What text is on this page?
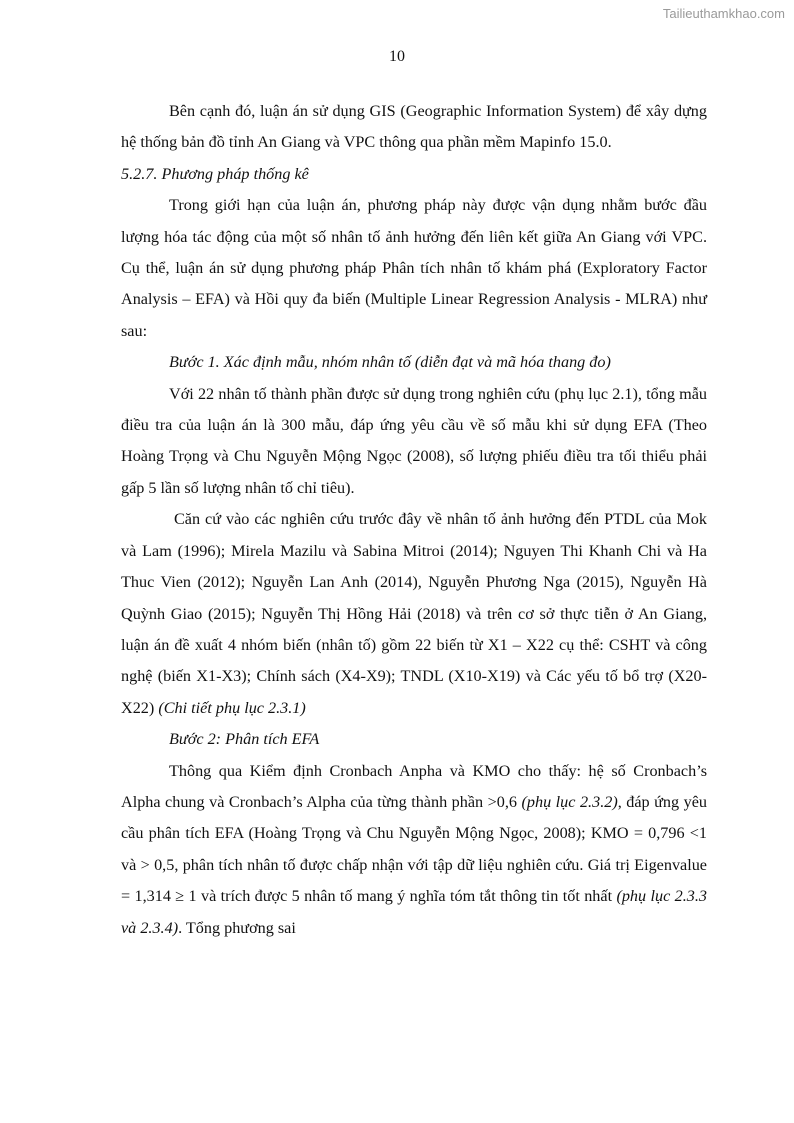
Tailieuthamkhao.com
10

Bên cạnh đó, luận án sử dụng GIS (Geographic Information System) để xây dựng hệ thống bản đồ tỉnh An Giang và VPC thông qua phần mềm Mapinfo 15.0.

5.2.7. Phương pháp thống kê

Trong giới hạn của luận án, phương pháp này được vận dụng nhằm bước đầu lượng hóa tác động của một số nhân tố ảnh hưởng đến liên kết giữa An Giang với VPC. Cụ thể, luận án sử dụng phương pháp Phân tích nhân tố khám phá (Exploratory Factor Analysis – EFA) và Hồi quy đa biến (Multiple Linear Regression Analysis - MLRA) như sau:

Bước 1. Xác định mẫu, nhóm nhân tố (diễn đạt và mã hóa thang đo)

Với 22 nhân tố thành phần được sử dụng trong nghiên cứu (phụ lục 2.1), tổng mẫu điều tra của luận án là 300 mẫu, đáp ứng yêu cầu về số mẫu khi sử dụng EFA (Theo Hoàng Trọng và Chu Nguyễn Mộng Ngọc (2008), số lượng phiếu điều tra tối thiểu phải gấp 5 lần số lượng nhân tố chỉ tiêu).

Căn cứ vào các nghiên cứu trước đây về nhân tố ảnh hưởng đến PTDL của Mok và Lam (1996); Mirela Mazilu và Sabina Mitroi (2014); Nguyen Thi Khanh Chi và Ha Thuc Vien (2012); Nguyễn Lan Anh (2014), Nguyễn Phương Nga (2015), Nguyễn Hà Quỳnh Giao (2015); Nguyễn Thị Hồng Hải (2018) và trên cơ sở thực tiễn ở An Giang, luận án đề xuất 4 nhóm biến (nhân tố) gồm 22 biến từ X1 – X22 cụ thể: CSHT và công nghệ (biến X1-X3); Chính sách (X4-X9); TNDL (X10-X19) và Các yếu tố bổ trợ (X20-X22) (Chi tiết phụ lục 2.3.1)

Bước 2: Phân tích EFA

Thông qua Kiểm định Cronbach Anpha và KMO cho thấy: hệ số Cronbach’s Alpha chung và Cronbach’s Alpha của từng thành phần >0,6 (phụ lục 2.3.2), đáp ứng yêu cầu phân tích EFA (Hoàng Trọng và Chu Nguyễn Mộng Ngọc, 2008); KMO = 0,796 <1 và > 0,5, phân tích nhân tố được chấp nhận với tập dữ liệu nghiên cứu. Giá trị Eigenvalue = 1,314 ≥ 1 và trích được 5 nhân tố mang ý nghĩa tóm tắt thông tin tốt nhất (phụ lục 2.3.3 và 2.3.4). Tổng phương sai
